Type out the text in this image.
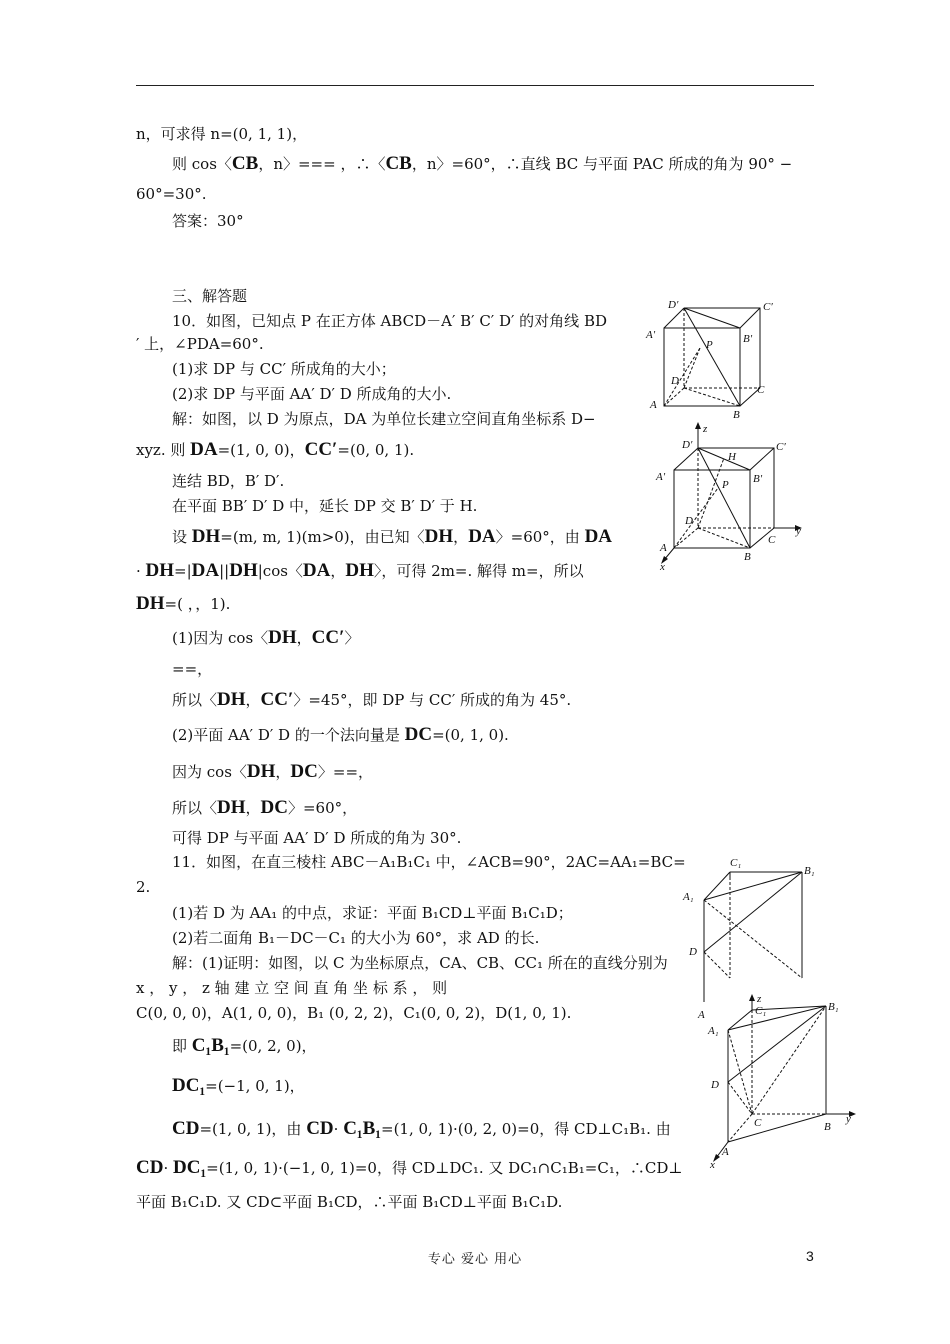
n，可求得 n=(0, 1, 1)，
则 cos〈CB，n〉=== ，∴〈CB，n〉=60°，∴直线 BC 与平面 PAC 所成的角为 90° −
60°=30°.
答案：30°
三、解答题
10．如图，已知点 P 在正方体 ABCD－A′ B′ C′ D′ 的对角线 BD
′ 上，∠PDA=60°.
(1)求 DP 与 CC′ 所成角的大小；
(2)求 DP 与平面 AA′ D′ D 所成角的大小.
解：如图，以 D 为原点，DA 为单位长建立空间直角坐标系 D−
xyz. 则 DA=(1, 0, 0)，CC′=(0, 0, 1).
连结 BD，B′ D′.
在平面 BB′ D′ D 中，延长 DP 交 B′ D′ 于 H.
设 DH=(m, m, 1)(m>0)，由已知〈DH，DA〉=60°，由 DA
· DH=|DA||DH|cos〈DA，DH〉，可得 2m=. 解得 m=，所以
DH=( ，，1).
(1)因为 cos〈DH，CC′〉
==，
所以〈DH，CC′〉=45°，即 DP 与 CC′ 所成的角为 45°.
(2)平面 AA′ D′ D 的一个法向量是 DC=(0, 1, 0).
因为 cos〈DH，DC〉==，
所以〈DH，DC〉=60°，
可得 DP 与平面 AA′ D′ D 所成的角为 30°.
11．如图，在直三棱柱 ABC－A₁B₁C₁ 中，∠ACB=90°，2AC=AA₁=BC=
2.
(1)若 D 为 AA₁ 的中点，求证：平面 B₁CD⊥平面 B₁C₁D；
(2)若二面角 B₁－DC－C₁ 的大小为 60°，求 AD 的长.
解：(1)证明：如图，以 C 为坐标原点，CA、CB、CC₁ 所在的直线分别为
x ， y ， z 轴 建 立 空 间 直 角 坐 标 系 ， 则
C(0, 0, 0)，A(1, 0, 0)，B₁ (0, 2, 2)，C₁(0, 0, 2)，D(1, 0, 1).
即 C₁B₁=(0, 2, 0)，
DC₁=(−1, 0, 1)，
CD=(1, 0, 1)，由 CD· C₁B₁=(1, 0, 1)·(0, 2, 0)=0，得 CD⊥C₁B₁. 由
CD· DC₁=(1, 0, 1)·(−1, 0, 1)=0，得 CD⊥DC₁. 又 DC₁∩C₁B₁=C₁，∴CD⊥
平面 B₁C₁D. 又 CD⊂平面 B₁CD，∴平面 B₁CD⊥平面 B₁C₁D.
D′	C′
A′	B′
P
D
C
A
B
z
D′	C′
H
A′	B′
P
D
C
y
A
B
x
C₁
B₁
A₁
D
A
z
C₁	B₁
A₁
D
C	B
y
A
x
专心 爱心 用心	3
